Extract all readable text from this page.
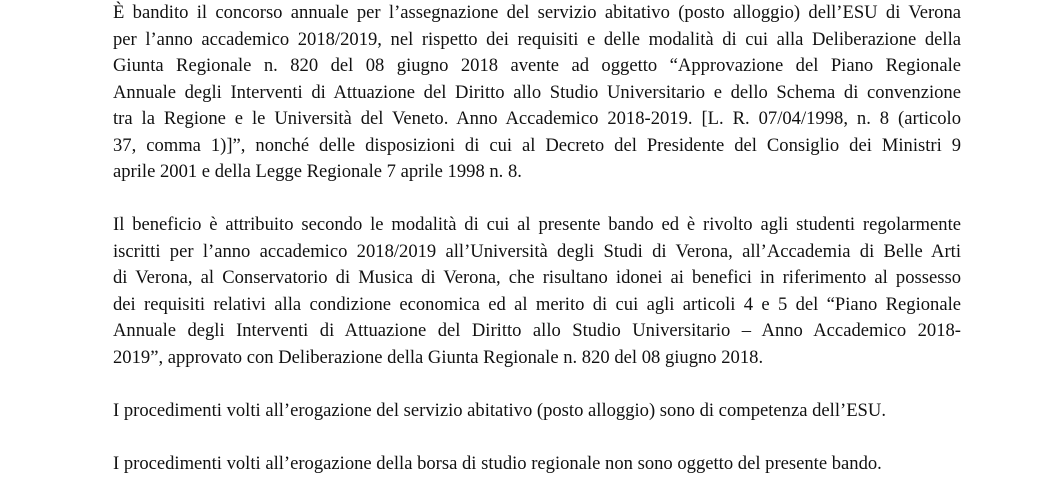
È bandito il concorso annuale per l’assegnazione del servizio abitativo (posto alloggio) dell’ESU di Verona
per l’anno accademico 2018/2019, nel rispetto dei requisiti e delle modalità di cui alla Deliberazione della
Giunta Regionale n. 820 del 08 giugno 2018 avente ad oggetto “Approvazione del Piano Regionale
Annuale degli Interventi di Attuazione del Diritto allo Studio Universitario e dello Schema di convenzione
tra la Regione e le Università del Veneto. Anno Accademico 2018-2019. [L. R. 07/04/1998, n. 8 (articolo
37, comma 1)]”, nonché delle disposizioni di cui al Decreto del Presidente del Consiglio dei Ministri 9
aprile 2001 e della Legge Regionale 7 aprile 1998 n. 8.
Il beneficio è attribuito secondo le modalità di cui al presente bando ed è rivolto agli studenti regolarmente
iscritti per l’anno accademico 2018/2019 all’Università degli Studi di Verona, all’Accademia di Belle Arti
di Verona, al Conservatorio di Musica di Verona, che risultano idonei ai benefici in riferimento al possesso
dei requisiti relativi alla condizione economica ed al merito di cui agli articoli 4 e 5 del “Piano Regionale
Annuale degli Interventi di Attuazione del Diritto allo Studio Universitario – Anno Accademico 2018-
2019”, approvato con Deliberazione della Giunta Regionale n. 820 del 08 giugno 2018.
I procedimenti volti all’erogazione del servizio abitativo (posto alloggio) sono di competenza dell’ESU.
I procedimenti volti all’erogazione della borsa di studio regionale non sono oggetto del presente bando.
